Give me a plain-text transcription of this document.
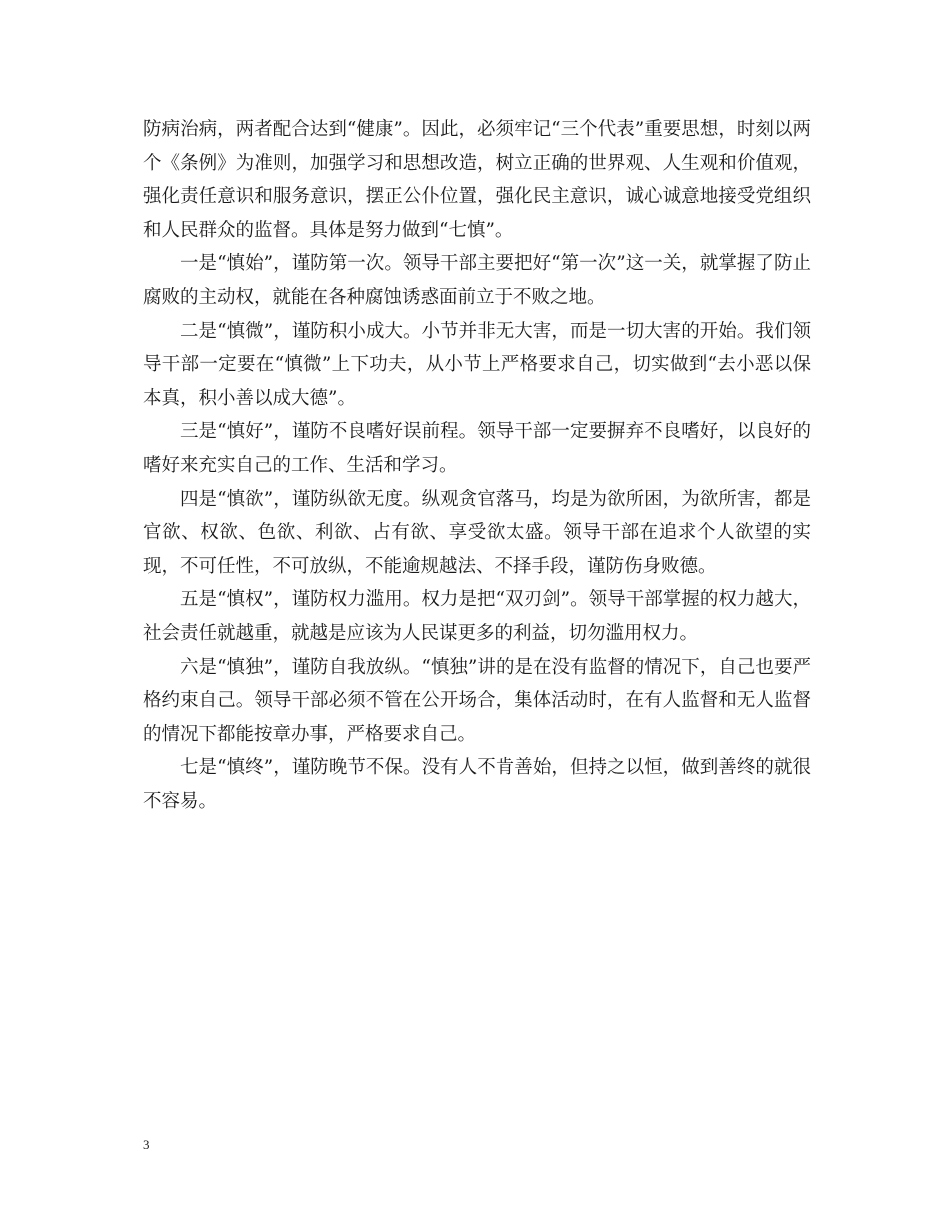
防病治病，两者配合达到“健康”。因此，必须牢记“三个代表”重要思想，时刻以两个《条例》为准则，加强学习和思想改造，树立正确的世界观、人生观和价值观，强化责任意识和服务意识，摆正公仆位置，强化民主意识，诚心诚意地接受党组织和人民群众的监督。具体是努力做到“七慎”。

一是“慎始”，谨防第一次。领导干部主要把好“第一次”这一关，就掌握了防止腐败的主动权，就能在各种腐蚀诱惑面前立于不败之地。

二是“慎微”，谨防积小成大。小节并非无大害，而是一切大害的开始。我们领导干部一定要在“慎微”上下功夫，从小节上严格要求自己，切实做到“去小恶以保本真，积小善以成大德”。

三是“慎好”，谨防不良嗜好误前程。领导干部一定要摒弃不良嗜好，以良好的嗜好来充实自己的工作、生活和学习。

四是“慎欲”，谨防纵欲无度。纵观贪官落马，均是为欲所困，为欲所害，都是官欲、权欲、色欲、利欲、占有欲、享受欲太盛。领导干部在追求个人欲望的实现，不可任性，不可放纵，不能逾规越法、不择手段，谨防伤身败德。

五是“慎权”，谨防权力滥用。权力是把“双刃剑”。领导干部掌握的权力越大，社会责任就越重，就越是应该为人民谋更多的利益，切勿滥用权力。

六是“慎独”，谨防自我放纵。“慎独”讲的是在没有监督的情况下，自己也要严格约束自己。领导干部必须不管在公开场合，集体活动时，在有人监督和无人监督的情况下都能按章办事，严格要求自己。

七是“慎终”，谨防晚节不保。没有人不肯善始，但持之以恒，做到善终的就很不容易。

3
